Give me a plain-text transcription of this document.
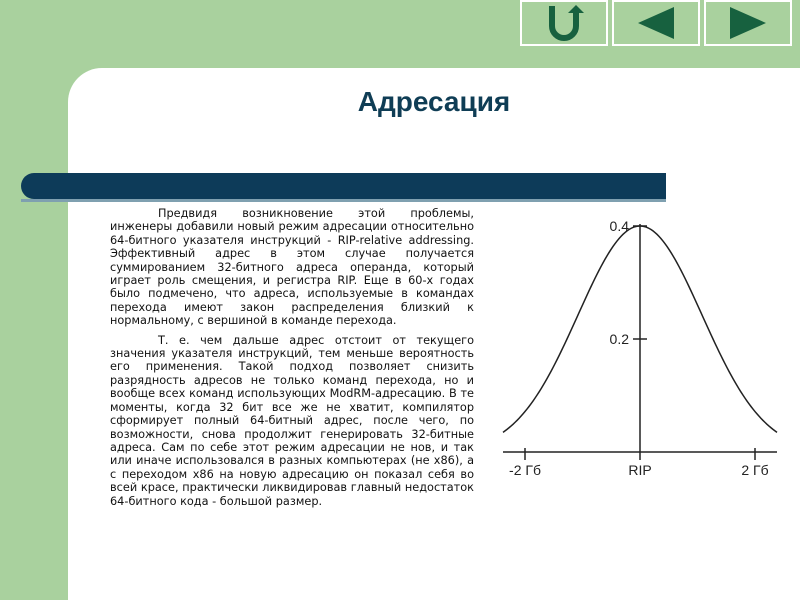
Адресация

Предвидя возникновение этой проблемы, инженеры добавили новый режим адресации относительно 64-битного указателя инструкций - RIP-relative addressing. Эффективный адрес в этом случае получается суммированием 32-битного адреса операнда, который играет роль смещения, и регистра RIP. Еще в 60-х годах было подмечено, что адреса, используемые в командах перехода имеют закон распределения близкий к нормальному, с вершиной в команде перехода.

Т. е. чем дальше адрес отстоит от текущего значения указателя инструкций, тем меньше вероятность его применения. Такой подход позволяет снизить разрядность адресов не только команд перехода, но и вообще всех команд использующих ModRM-адресацию. В те моменты, когда 32 бит все же не хватит, компилятор сформирует полный 64-битный адрес, после чего, по возможности, снова продолжит генерировать 32-битные адреса. Сам по себе этот режим адресации не нов, и так или иначе использовался в разных компьютерах (не x86), а с переходом x86 на новую адресацию он показал себя во всей красе, практически ликвидировав главный недостаток 64-битного кода - большой размер.

0.4
0.2
-2 Гб	RIP	2 Гб
